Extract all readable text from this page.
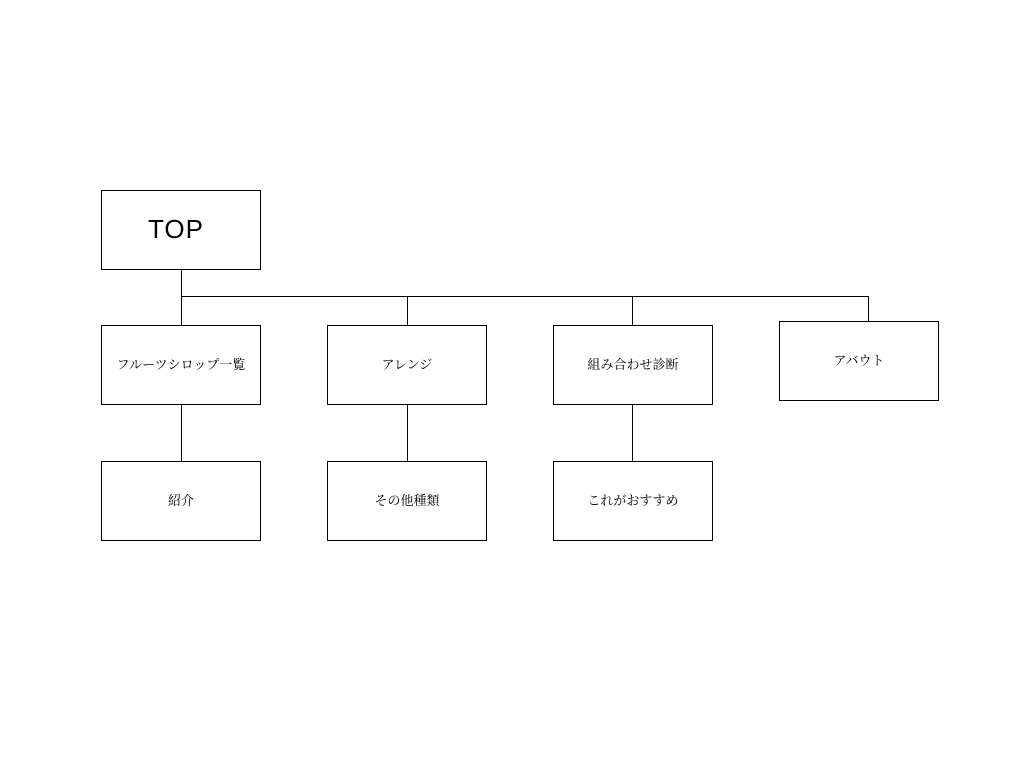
TOP
フルーツシロップ一覧	アレンジ	組み合わせ診断	アバウト
紹介	その他種類	これがおすすめ
